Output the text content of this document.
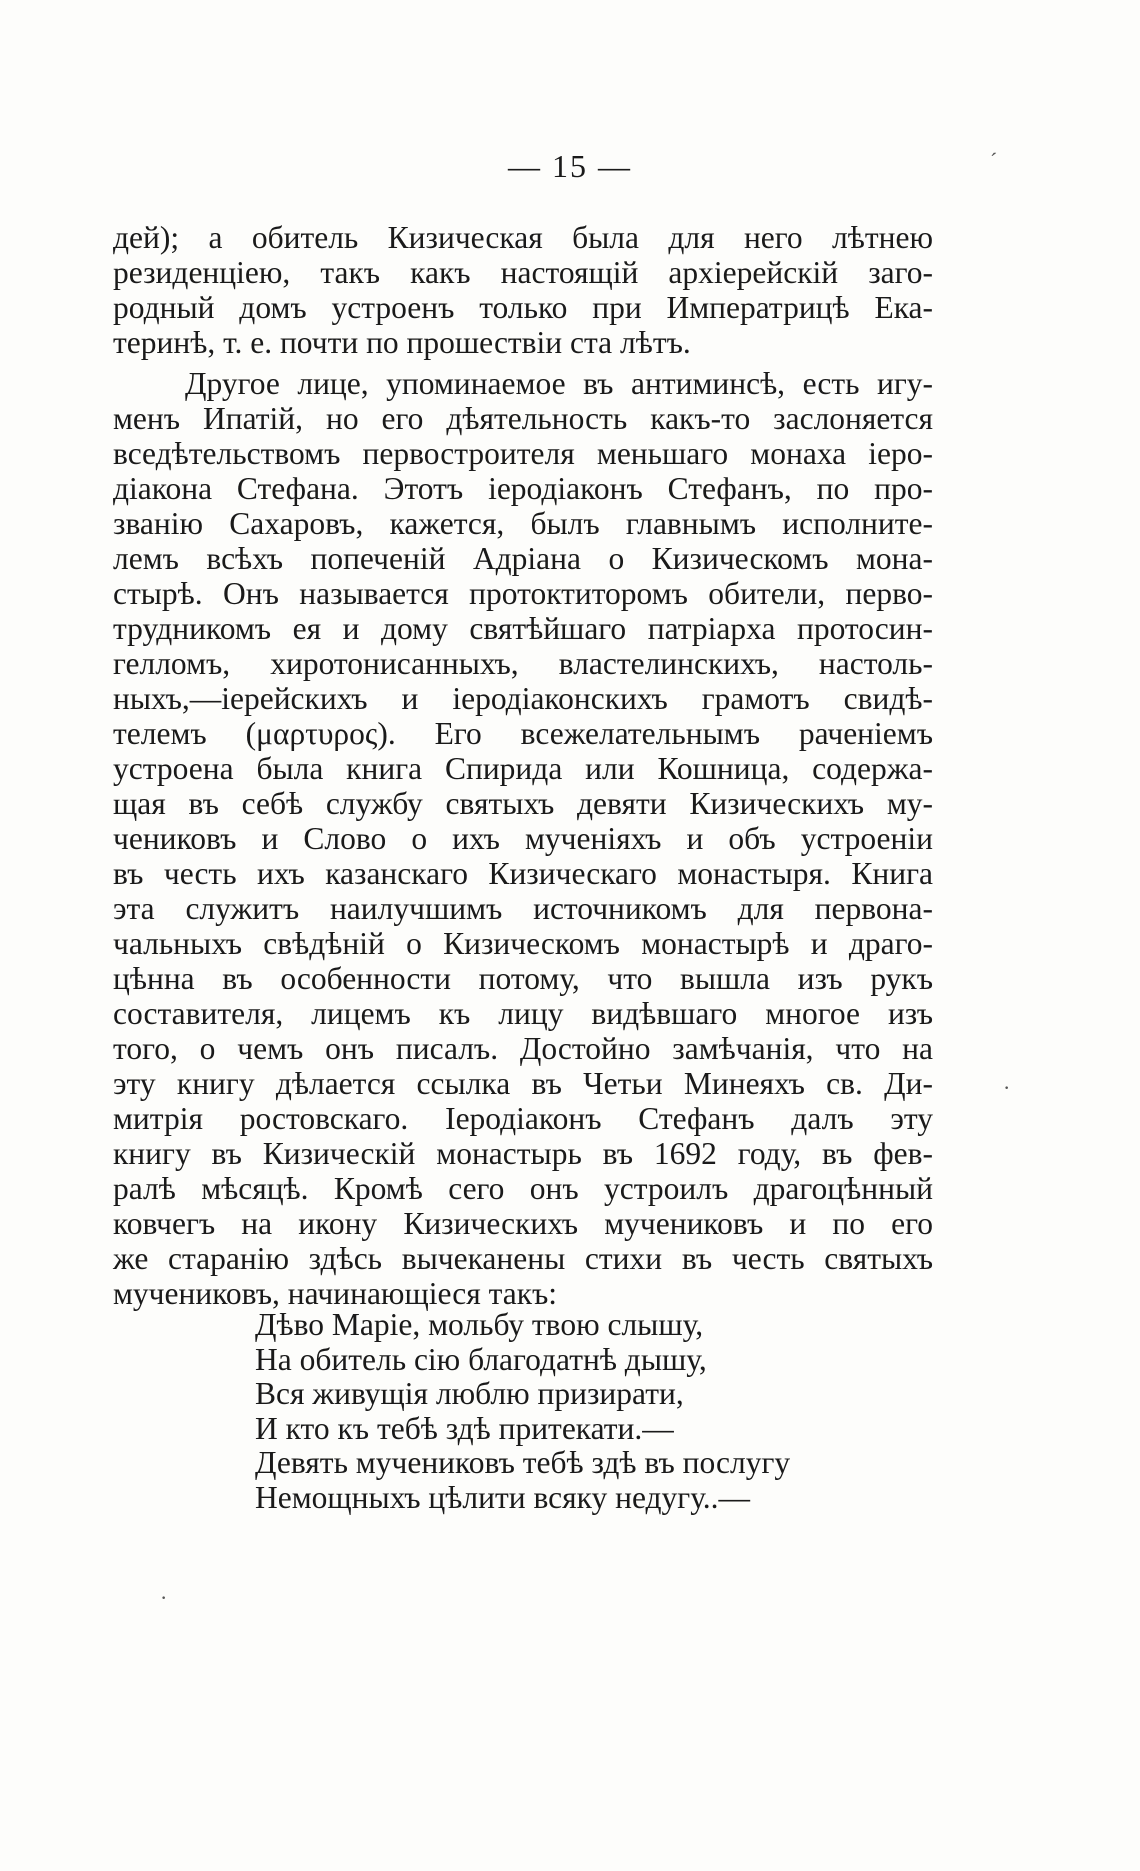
— 15 —
дей); а обитель Кизическая была для него лѣтнею
резиденціею, такъ какъ настоящій архіерейскій заго-
родный домъ устроенъ только при Императрицѣ Ека-
теринѣ, т. е. почти по прошествіи ста лѣтъ.
Другое лице, упоминаемое въ антиминсѣ, есть игу-
менъ Ипатій, но его дѣятельность какъ-то заслоняется
вседѣтельствомъ первостроителя меньшаго монаха іеро-
діакона Стефана. Этотъ іеродіаконъ Стефанъ, по про-
званію Сахаровъ, кажется, былъ главнымъ исполните-
лемъ всѣхъ попеченій Адріана о Кизическомъ мона-
стырѣ. Онъ называется протоктиторомъ обители, перво-
трудникомъ ея и дому святѣйшаго патріарха протосин-
гелломъ, хиротонисанныхъ, властелинскихъ, настоль-
ныхъ,—іерейскихъ и іеродіаконскихъ грамотъ свидѣ-
телемъ (μαρτυρος). Его всежелательнымъ раченіемъ
устроена была книга Спирида или Кошница, содержа-
щая въ себѣ службу святыхъ девяти Кизическихъ му-
чениковъ и Слово о ихъ мученіяхъ и объ устроеніи
въ честь ихъ казанскаго Кизическаго монастыря. Книга
эта служитъ наилучшимъ источникомъ для первона-
чальныхъ свѣдѣній о Кизическомъ монастырѣ и драго-
цѣнна въ особенности потому, что вышла изъ рукъ
составителя, лицемъ къ лицу видѣвшаго многое изъ
того, о чемъ онъ писалъ. Достойно замѣчанія, что на
эту книгу дѣлается ссылка въ Четьи Минеяхъ св. Ди-
митрія ростовскаго. Іеродіаконъ Стефанъ далъ эту
книгу въ Кизическій монастырь въ 1692 году, въ фев-
ралѣ мѣсяцѣ. Кромѣ сего онъ устроилъ драгоцѣнный
ковчегъ на икону Кизическихъ мучениковъ и по его
же старанію здѣсь вычеканены стихи въ честь святыхъ
мучениковъ, начинающіеся такъ:
Дѣво Маріе, мольбу твою слышу,
На обитель сію благодатнѣ дышу,
Вся живущія люблю призирати,
И кто къ тебѣ здѣ притекати.—
Девять мучениковъ тебѣ здѣ въ послугу
Немощныхъ цѣлити всяку недугу..—
ˊ
·
·
